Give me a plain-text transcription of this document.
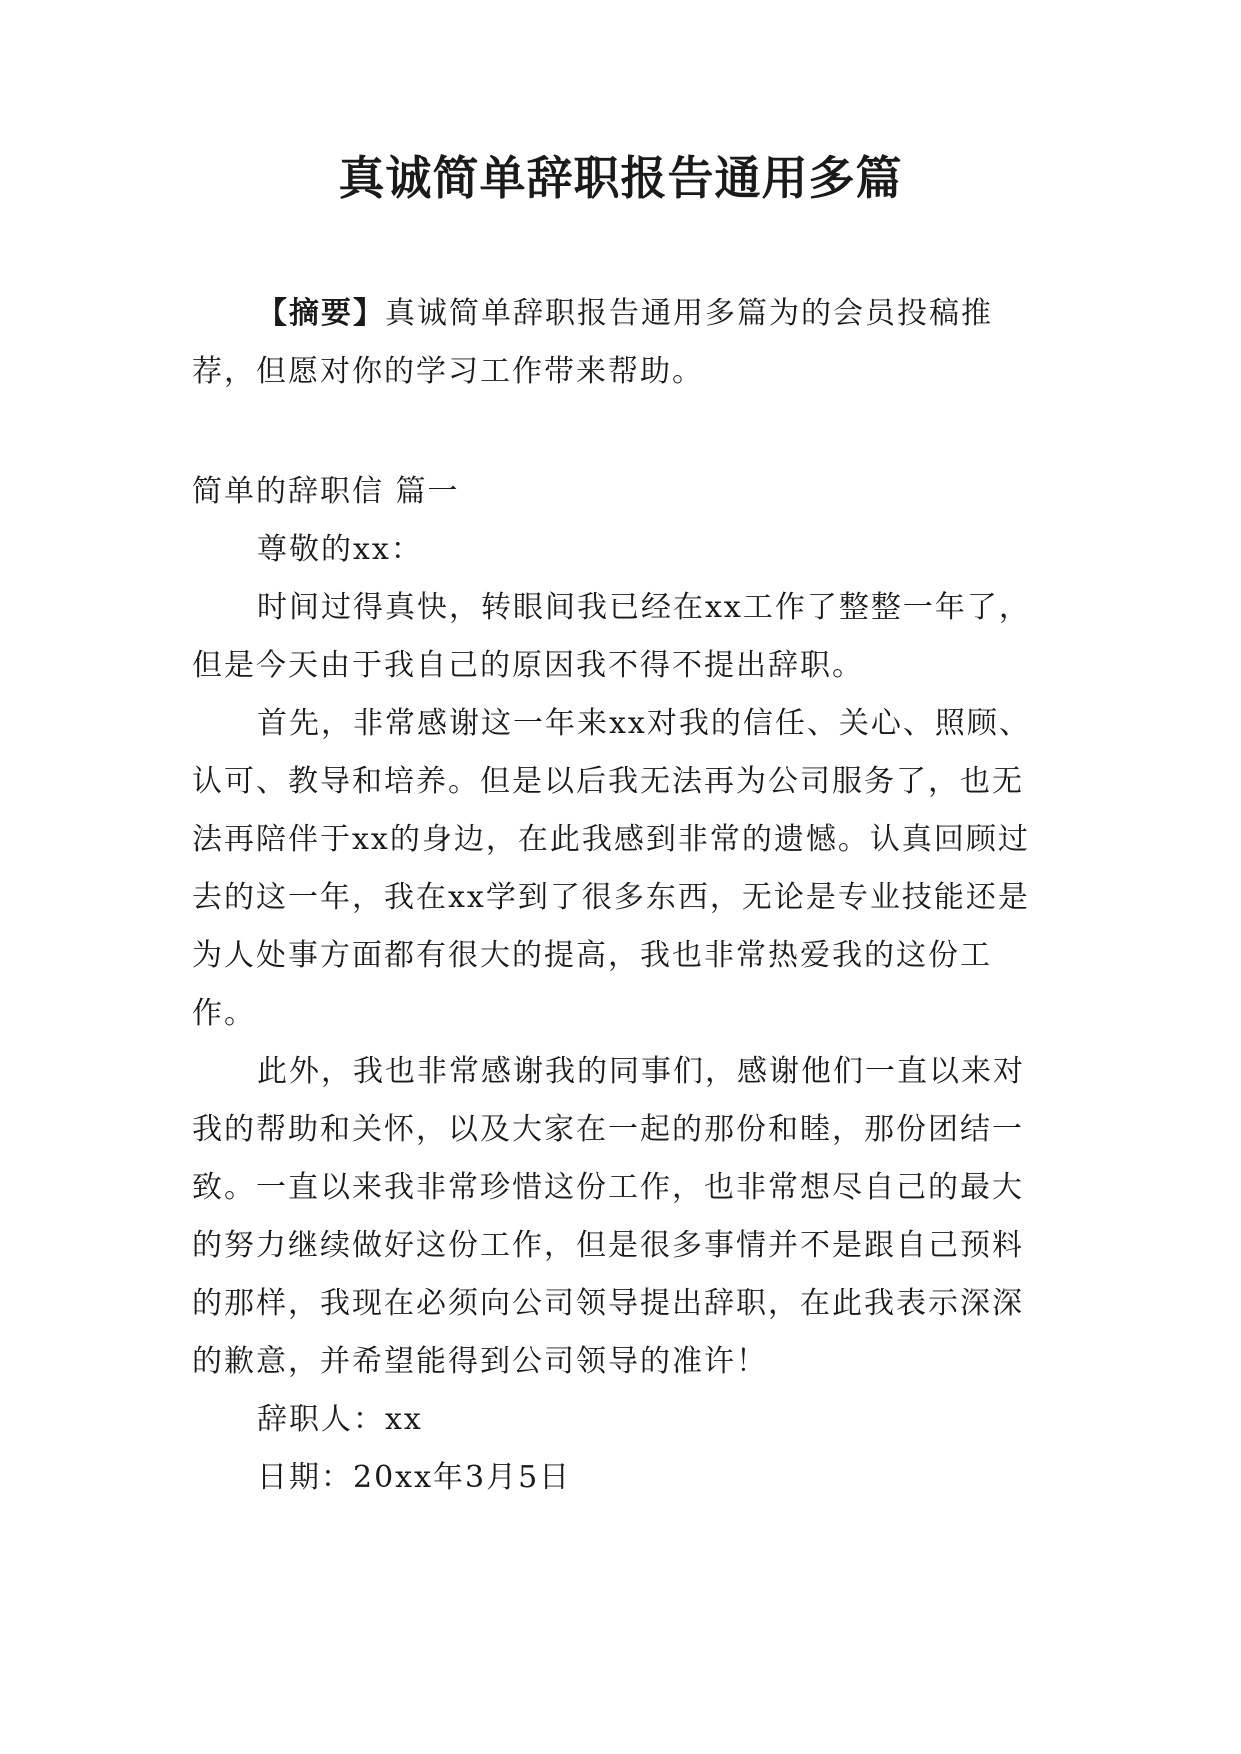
真诚简单辞职报告通用多篇

【摘要】真诚简单辞职报告通用多篇为的会员投稿推荐，但愿对你的学习工作带来帮助。

简单的辞职信 篇一

尊敬的xx：

时间过得真快，转眼间我已经在xx工作了整整一年了，但是今天由于我自己的原因我不得不提出辞职。

首先，非常感谢这一年来xx对我的信任、关心、照顾、认可、教导和培养。但是以后我无法再为公司服务了，也无法再陪伴于xx的身边，在此我感到非常的遗憾。认真回顾过去的这一年，我在xx学到了很多东西，无论是专业技能还是为人处事方面都有很大的提高，我也非常热爱我的这份工作。

此外，我也非常感谢我的同事们，感谢他们一直以来对我的帮助和关怀，以及大家在一起的那份和睦，那份团结一致。一直以来我非常珍惜这份工作，也非常想尽自己的最大的努力继续做好这份工作，但是很多事情并不是跟自己预料的那样，我现在必须向公司领导提出辞职，在此我表示深深的歉意，并希望能得到公司领导的准许！

辞职人：xx

日期：20xx年3月5日
